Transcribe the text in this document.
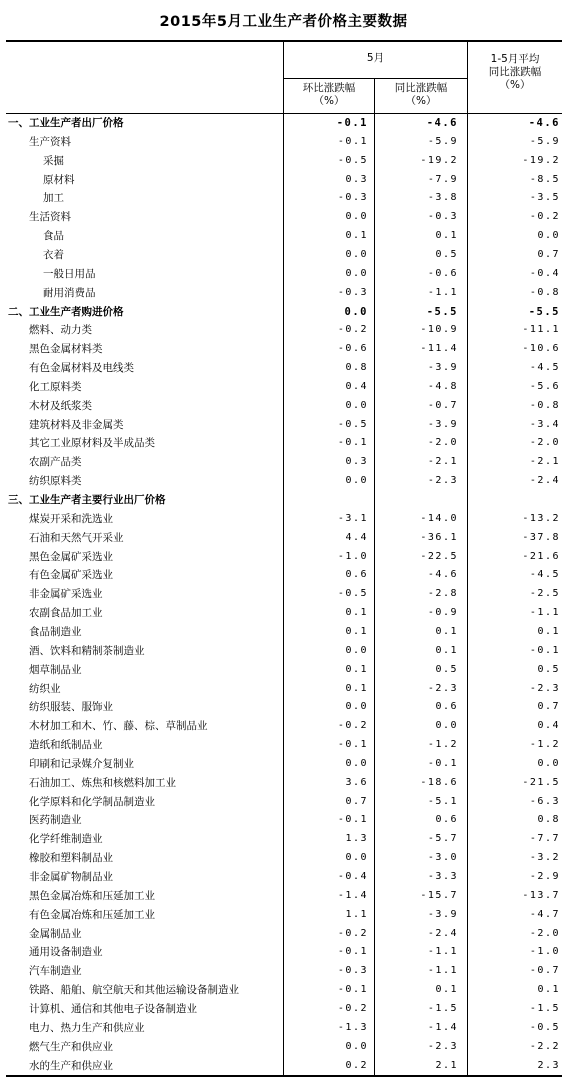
2015年5月工业生产者价格主要数据
5月
环比涨跌幅
（%）
同比涨跌幅
（%）
1-5月平均
同比涨跌幅
（%）
一、工业生产者出厂价格	-0.1	-4.6	-4.6
生产资料	-0.1	-5.9	-5.9
采掘	-0.5	-19.2	-19.2
原材料	0.3	-7.9	-8.5
加工	-0.3	-3.8	-3.5
生活资料	0.0	-0.3	-0.2
食品	0.1	0.1	0.0
衣着	0.0	0.5	0.7
一般日用品	0.0	-0.6	-0.4
耐用消费品	-0.3	-1.1	-0.8
二、工业生产者购进价格	0.0	-5.5	-5.5
燃料、动力类	-0.2	-10.9	-11.1
黑色金属材料类	-0.6	-11.4	-10.6
有色金属材料及电线类	0.8	-3.9	-4.5
化工原料类	0.4	-4.8	-5.6
木材及纸浆类	0.0	-0.7	-0.8
建筑材料及非金属类	-0.5	-3.9	-3.4
其它工业原材料及半成品类	-0.1	-2.0	-2.0
农副产品类	0.3	-2.1	-2.1
纺织原料类	0.0	-2.3	-2.4
三、工业生产者主要行业出厂价格
煤炭开采和洗选业	-3.1	-14.0	-13.2
石油和天然气开采业	4.4	-36.1	-37.8
黑色金属矿采选业	-1.0	-22.5	-21.6
有色金属矿采选业	0.6	-4.6	-4.5
非金属矿采选业	-0.5	-2.8	-2.5
农副食品加工业	0.1	-0.9	-1.1
食品制造业	0.1	0.1	0.1
酒、饮料和精制茶制造业	0.0	0.1	-0.1
烟草制品业	0.1	0.5	0.5
纺织业	0.1	-2.3	-2.3
纺织服装、服饰业	0.0	0.6	0.7
木材加工和木、竹、藤、棕、草制品业	-0.2	0.0	0.4
造纸和纸制品业	-0.1	-1.2	-1.2
印刷和记录媒介复制业	0.0	-0.1	0.0
石油加工、炼焦和核燃料加工业	3.6	-18.6	-21.5
化学原料和化学制品制造业	0.7	-5.1	-6.3
医药制造业	-0.1	0.6	0.8
化学纤维制造业	1.3	-5.7	-7.7
橡胶和塑料制品业	0.0	-3.0	-3.2
非金属矿物制品业	-0.4	-3.3	-2.9
黑色金属冶炼和压延加工业	-1.4	-15.7	-13.7
有色金属冶炼和压延加工业	1.1	-3.9	-4.7
金属制品业	-0.2	-2.4	-2.0
通用设备制造业	-0.1	-1.1	-1.0
汽车制造业	-0.3	-1.1	-0.7
铁路、船舶、航空航天和其他运输设备制造业	-0.1	0.1	0.1
计算机、通信和其他电子设备制造业	-0.2	-1.5	-1.5
电力、热力生产和供应业	-1.3	-1.4	-0.5
燃气生产和供应业	0.0	-2.3	-2.2
水的生产和供应业	0.2	2.1	2.3
